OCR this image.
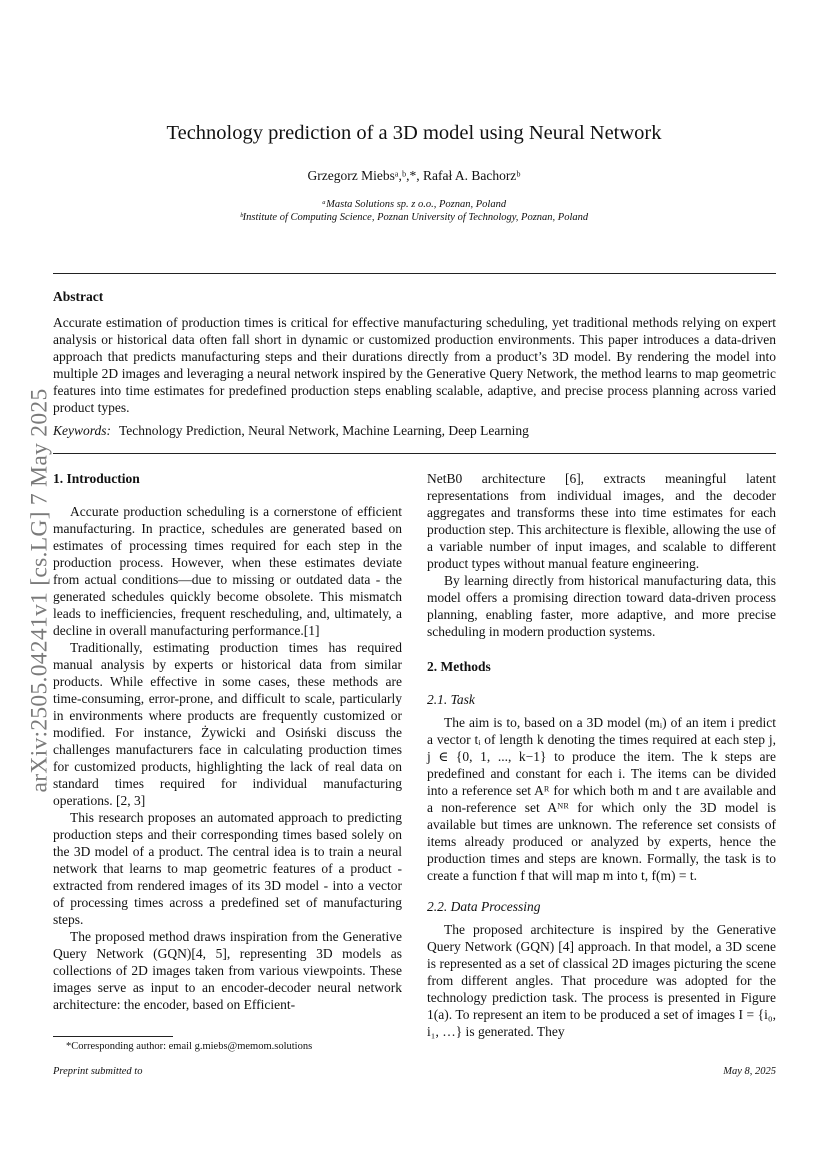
arXiv:2505.04241v1 [cs.LG] 7 May 2025
Technology prediction of a 3D model using Neural Network
Grzegorz Miebsᵃ,ᵇ,*, Rafał A. Bachorzᵇ
ᵃMasta Solutions sp. z o.o., Poznan, Poland
ᵇInstitute of Computing Science, Poznan University of Technology, Poznan, Poland
Abstract
Accurate estimation of production times is critical for effective manufacturing scheduling, yet traditional methods relying on expert analysis or historical data often fall short in dynamic or customized production environments. This paper introduces a data-driven approach that predicts manufacturing steps and their durations directly from a product’s 3D model. By rendering the model into multiple 2D images and leveraging a neural network inspired by the Generative Query Network, the method learns to map geometric features into time estimates for predefined production steps enabling scalable, adaptive, and precise process planning across varied product types.
Keywords: Technology Prediction, Neural Network, Machine Learning, Deep Learning
1. Introduction

Accurate production scheduling is a cornerstone of efficient manufacturing. In practice, schedules are generated based on estimates of processing times required for each step in the production process. However, when these estimates deviate from actual conditions—due to missing or outdated data - the generated schedules quickly become obsolete. This mismatch leads to inefficiencies, frequent rescheduling, and, ultimately, a decline in overall manufacturing performance.[1]

Traditionally, estimating production times has required manual analysis by experts or historical data from similar products. While effective in some cases, these methods are time-consuming, error-prone, and difficult to scale, particularly in environments where products are frequently customized or modified. For instance, Żywicki and Osiński discuss the challenges manufacturers face in calculating production times for customized products, highlighting the lack of real data on standard times required for individual manufacturing operations. [2, 3]

This research proposes an automated approach to predicting production steps and their corresponding times based solely on the 3D model of a product. The central idea is to train a neural network that learns to map geometric features of a product - extracted from rendered images of its 3D model - into a vector of processing times across a predefined set of manufacturing steps.

The proposed method draws inspiration from the Generative Query Network (GQN)[4, 5], representing 3D models as collections of 2D images taken from various viewpoints. These images serve as input to an encoder-decoder neural network architecture: the encoder, based on Efficient-

NetB0 architecture [6], extracts meaningful latent representations from individual images, and the decoder aggregates and transforms these into time estimates for each production step. This architecture is flexible, allowing the use of a variable number of input images, and scalable to different product types without manual feature engineering.

By learning directly from historical manufacturing data, this model offers a promising direction toward data-driven process planning, enabling faster, more adaptive, and more precise scheduling in modern production systems.

2. Methods
2.1. Task

The aim is to, based on a 3D model (mᵢ) of an item i predict a vector tᵢ of length k denoting the times required at each step j, j ∈ {0, 1, ..., k−1} to produce the item. The k steps are predefined and constant for each i. The items can be divided into a reference set Aᴿ for which both m and t are available and a non-reference set Aᴺᴿ for which only the 3D model is available but times are unknown. The reference set consists of items already produced or analyzed by experts, hence the production times and steps are known. Formally, the task is to create a function f that will map m into t, f(m) = t.

2.2. Data Processing

The proposed architecture is inspired by the Generative Query Network (GQN) [4] approach. In that model, a 3D scene is represented as a set of classical 2D images picturing the scene from different angles. That procedure was adopted for the technology prediction task. The process is presented in Figure 1(a). To represent an item to be produced a set of images I = {i₀, i₁, …} is generated. They

*Corresponding author: email g.miebs@memom.solutions
Preprint submitted to	May 8, 2025
